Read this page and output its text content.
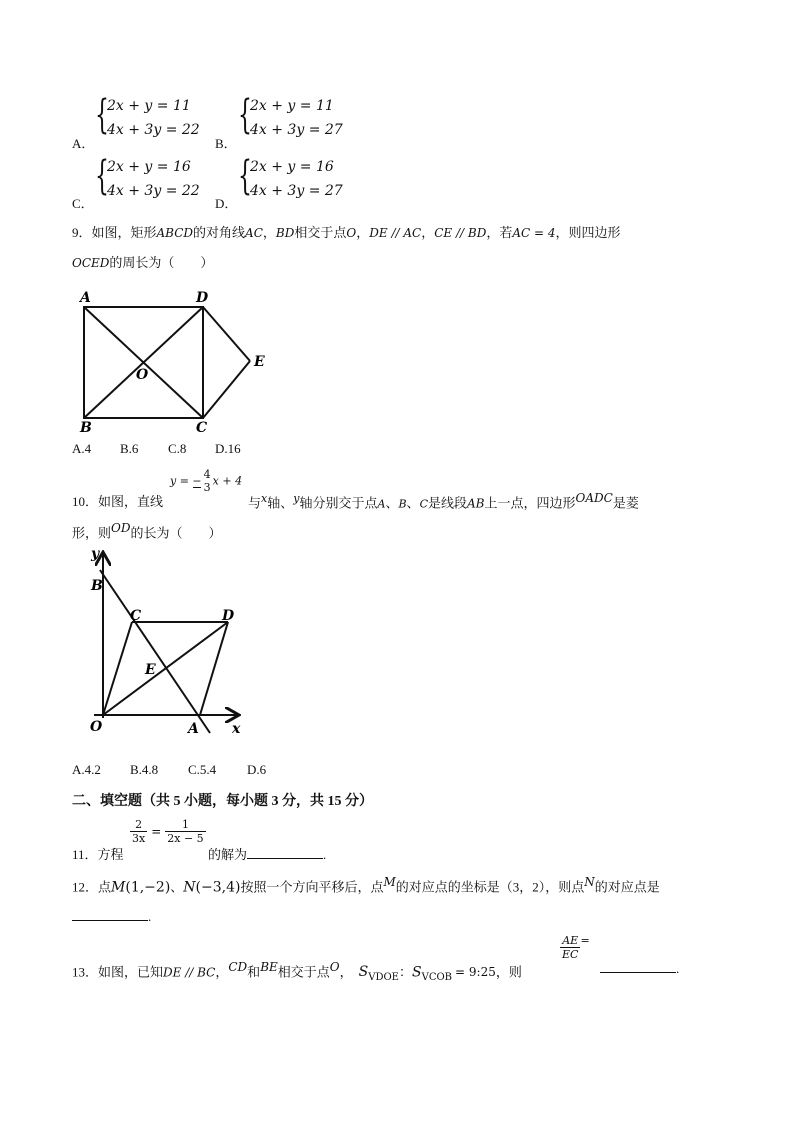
A．
{
2x + y = 11
4x + 3y = 22
B．
{
2x + y = 11
4x + 3y = 27
C．
{
2x + y = 16
4x + 3y = 22
D．
{
2x + y = 16
4x + 3y = 27
9．如图，矩形ABCD的对角线AC，BD相交于点O，DE // AC，CE // BD，若AC = 4，则四边形
OCED的周长为（　　）
A	D
O
E
B	C
A.4 B.6 C.8 D.16
10．如图，直线
y = − 4
3 x + 4
与$^x$轴、$^y$轴分别交于点A、B、C是线段AB上一点，四边形OADC是菱
形，则OD的长为（　　）
y
B
C	D
E
O	A x
A.4.2 B.4.8 C.5.4 D.6
二、填空题（共 5 小题，每小题 3 分，共 15 分）
$\frac{2}{3x} = \frac{1}{2x - 5}$
11．方程	的解为	.
12．点M(1,−2)、N(−3,4)按照一个方向平移后，点M的对应点的坐标是（3，2），则点N的对应点是
.
13．如图，已知DE // BC，CD和BE相交于点O， $S_{VDOE}$：$S_{VCOB}$ = 9:25，则
$\frac{AE}{EC} ^=$
.
